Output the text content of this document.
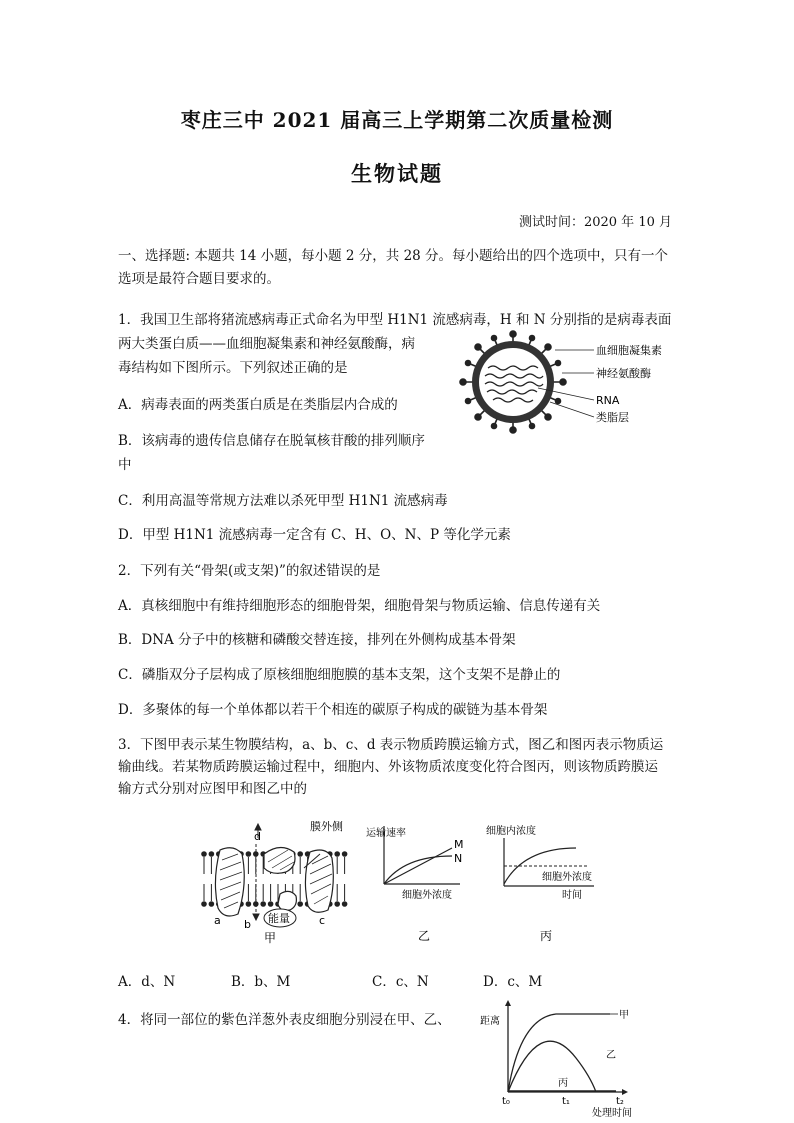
枣庄三中 2021 届高三上学期第二次质量检测
生物试题
测试时间：2020 年 10 月
一、选择题: 本题共 14 小题，每小题 2 分，共 28 分。每小题给出的四个选项中，只有一个选项是最符合题目要求的。
1．我国卫生部将猪流感病毒正式命名为甲型 H1N1 流感病毒，H 和 N 分别指的是病毒表面
两大类蛋白质——血细胞凝集素和神经氨酸酶，病
毒结构如下图所示。下列叙述正确的是
A．病毒表面的两类蛋白质是在类脂层内合成的
B．该病毒的遗传信息储存在脱氧核苷酸的排列顺序
中
C．利用高温等常规方法难以杀死甲型 H1N1 流感病毒
D．甲型 H1N1 流感病毒一定含有 C、H、O、N、P 等化学元素
血细胞凝集素
神经氨酸酶
RNA
类脂层
2．下列有关“骨架(或支架)”的叙述错误的是
A．真核细胞中有维持细胞形态的细胞骨架，细胞骨架与物质运输、信息传递有关
B．DNA 分子中的核糖和磷酸交替连接，排列在外侧构成基本骨架
C．磷脂双分子层构成了原核细胞细胞膜的基本支架，这个支架不是静止的
D．多聚体的每一个单体都以若干个相连的碳原子构成的碳链为基本骨架
3．下图甲表示某生物膜结构，a、b、c、d 表示物质跨膜运输方式，图乙和图丙表示物质运
输曲线。若某物质跨膜运输过程中，细胞内、外该物质浓度变化符合图丙，则该物质跨膜运
输方式分别对应图甲和图乙中的
膜外侧
d
a b	c
能量
甲
运输速率
M
N
细胞外浓度
乙
细胞内浓度
细胞外浓度
时间
丙
A．d、N	B．b、M	C．c、N	D．c、M
4．将同一部位的紫色洋葱外表皮细胞分别浸在甲、乙、	距离
甲
乙
丙
t₀	t₁	t₂
处理时间
